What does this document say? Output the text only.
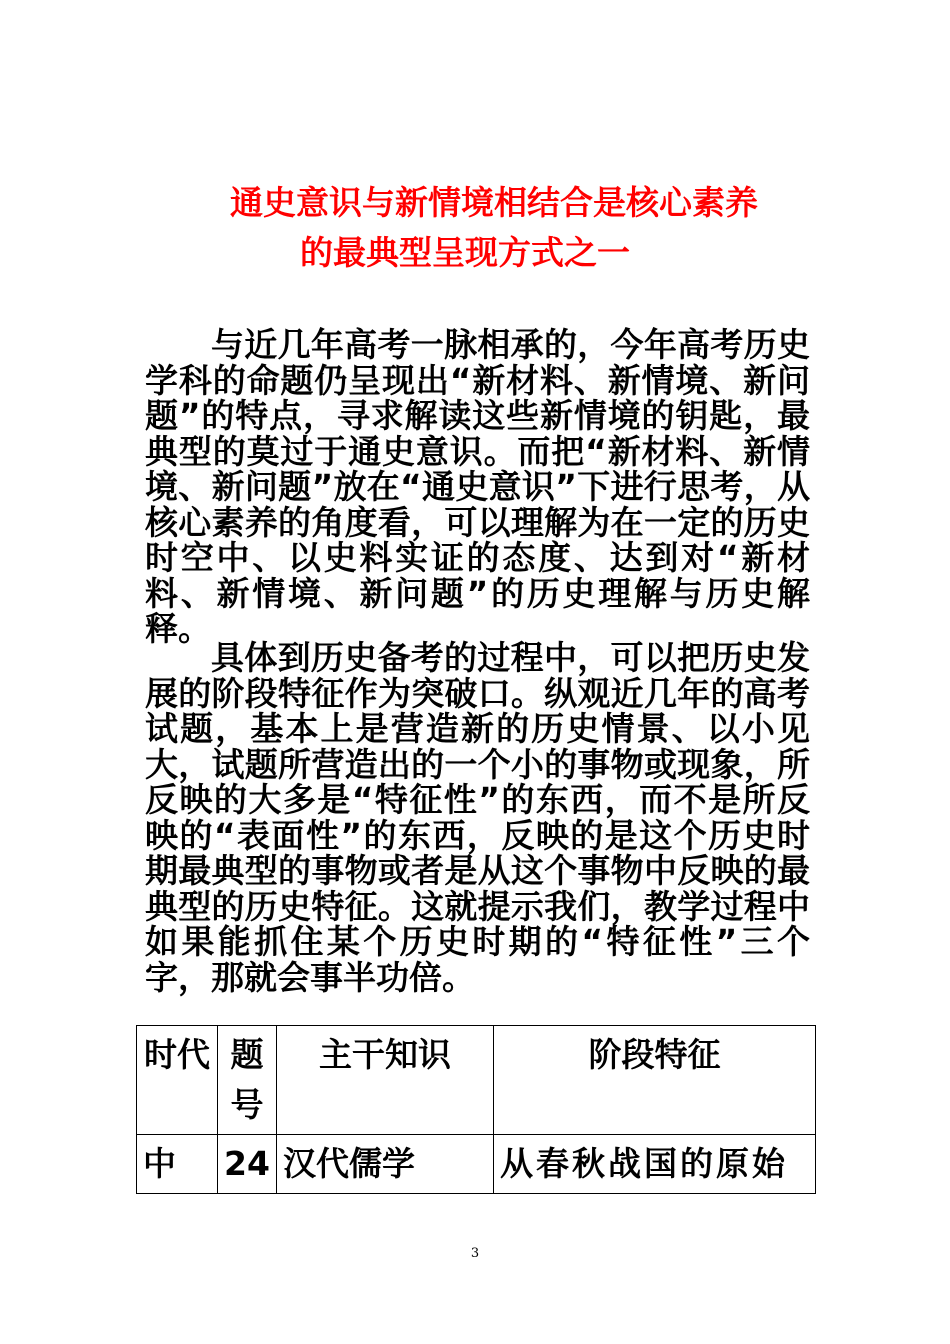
通史意识与新情境相结合是核心素养
的最典型呈现方式之一

与近几年高考一脉相承的，今年高考历史学科的命题仍呈现出“新材料、新情境、新问题”的特点，寻求解读这些新情境的钥匙，最典型的莫过于通史意识。而把“新材料、新情境、新问题”放在“通史意识”下进行思考，从核心素养的角度看，可以理解为在一定的历史时空中、以史料实证的态度、达到对“新材料、新情境、新问题”的历史理解与历史解释。

具体到历史备考的过程中，可以把历史发展的阶段特征作为突破口。纵观近几年的高考试题，基本上是营造新的历史情景、以小见大，试题所营造出的一个小的事物或现象，所反映的大多是“特征性”的东西，而不是所反映的“表面性”的东西，反映的是这个历史时期最典型的事物或者是从这个事物中反映的最典型的历史特征。这就提示我们，教学过程中如果能抓住某个历史时期的“特征性”三个字，那就会事半功倍。

时代	题号	主干知识	阶段特征
中	24	汉代儒学	从春秋战国的原始
3
